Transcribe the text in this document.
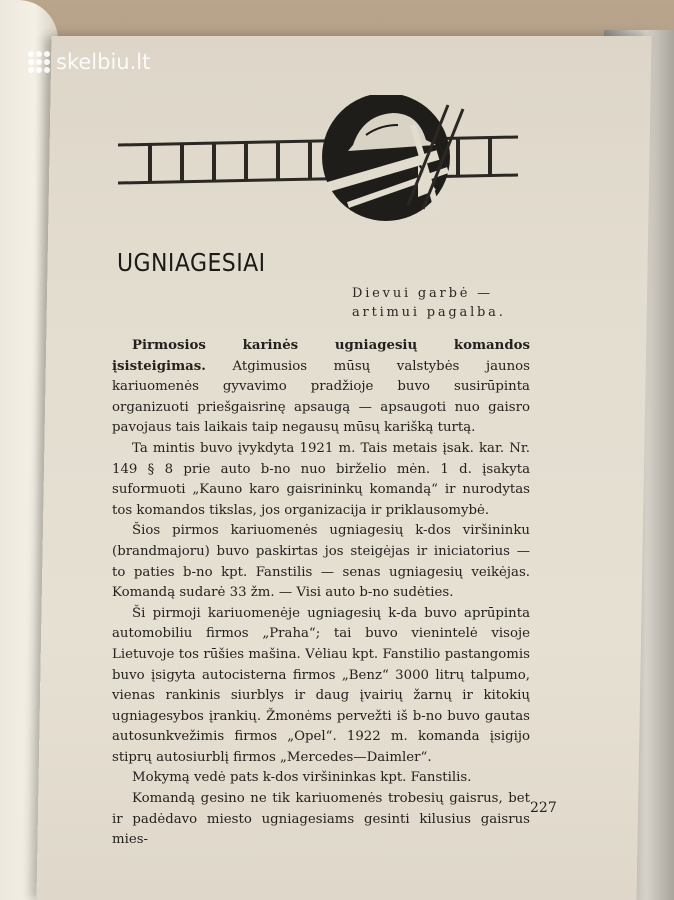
skelbiu.lt
UGNIAGESIAI
Dievui garbė —
artimui pagalba.

Pirmosios karinės ugniagesių komandos įsisteigimas. Atgimusios mūsų valstybės jaunos kariuomenės gyvavimo pradžioje buvo susirūpinta organizuoti priešgaisrinę apsaugą — apsaugoti nuo gaisro pavojaus tais laikais taip negausų mūsų karišką turtą.

Ta mintis buvo įvykdyta 1921 m. Tais metais įsak. kar. Nr. 149 § 8 prie auto b-no nuo birželio mėn. 1 d. įsakyta suformuoti „Kauno karo gaisrininkų komandą“ ir nurodytas tos komandos tikslas, jos organizacija ir priklausomybė.

Šios pirmos kariuomenės ugniagesių k-dos viršininku (brandmajoru) buvo paskirtas jos steigėjas ir iniciatorius — to paties b-no kpt. Fanstilis — senas ugniagesių veikėjas. Komandą sudarė 33 žm. — Visi auto b-no sudėties.

Ši pirmoji kariuomenėje ugniagesių k-da buvo aprūpinta automobiliu firmos „Praha“; tai buvo vienintelė visoje Lietuvoje tos rūšies mašina. Vėliau kpt. Fanstilio pastangomis buvo įsigyta autocisterna firmos „Benz“ 3000 litrų talpumo, vienas rankinis siurblys ir daug įvairių žarnų ir kitokių ugniagesybos įrankių. Žmonėms pervežti iš b-no buvo gautas autosunkvežimis firmos „Opel“. 1922 m. komanda įsigijo stiprų autosiurblį firmos „Mercedes—Daimler“.

Mokymą vedė pats k-dos viršininkas kpt. Fanstilis.

Komandą gesino ne tik kariuomenės trobesių gaisrus, bet ir padėdavo miesto ugniagesiams gesinti kilusius gaisrus mies-

227
